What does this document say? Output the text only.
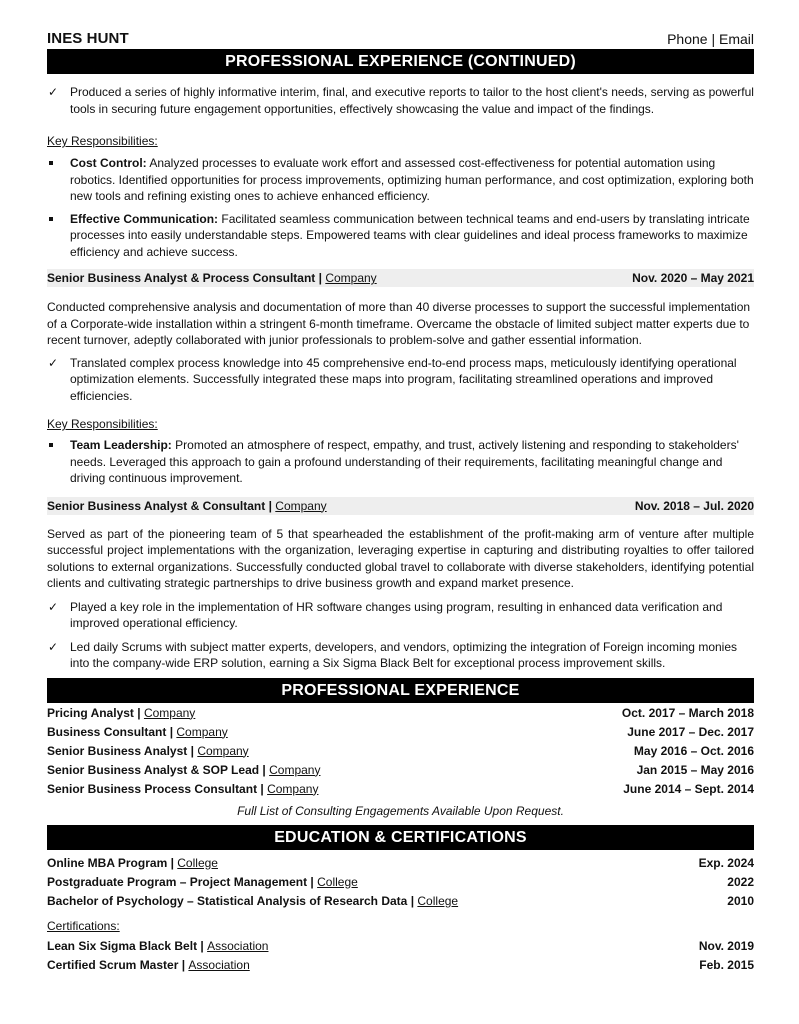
INES HUNT	Phone | Email
PROFESSIONAL EXPERIENCE (CONTINUED)
✓ Produced a series of highly informative interim, final, and executive reports to tailor to the host client's needs, serving as powerful tools in securing future engagement opportunities, effectively showcasing the value and impact of the findings.
Key Responsibilities:
Cost Control: Analyzed processes to evaluate work effort and assessed cost-effectiveness for potential automation using robotics. Identified opportunities for process improvements, optimizing human performance, and cost optimization, exploring both new tools and refining existing ones to achieve enhanced efficiency.
Effective Communication: Facilitated seamless communication between technical teams and end-users by translating intricate processes into easily understandable steps. Empowered teams with clear guidelines and ideal process frameworks to maximize efficiency and achieve success.
Senior Business Analyst & Process Consultant | Company	Nov. 2020 – May 2021
Conducted comprehensive analysis and documentation of more than 40 diverse processes to support the successful implementation of a Corporate-wide installation within a stringent 6-month timeframe. Overcame the obstacle of limited subject matter experts due to recent turnover, adeptly collaborated with junior professionals to problem-solve and gather essential information.
✓ Translated complex process knowledge into 45 comprehensive end-to-end process maps, meticulously identifying operational optimization elements. Successfully integrated these maps into program, facilitating streamlined operations and improved efficiencies.
Key Responsibilities:
Team Leadership: Promoted an atmosphere of respect, empathy, and trust, actively listening and responding to stakeholders' needs. Leveraged this approach to gain a profound understanding of their requirements, facilitating meaningful change and driving continuous improvement.
Senior Business Analyst & Consultant | Company	Nov. 2018 – Jul. 2020
Served as part of the pioneering team of 5 that spearheaded the establishment of the profit-making arm of venture after multiple successful project implementations with the organization, leveraging expertise in capturing and distributing royalties to offer tailored solutions to external organizations. Successfully conducted global travel to collaborate with diverse stakeholders, identifying potential clients and cultivating strategic partnerships to drive business growth and expand market presence.
✓ Played a key role in the implementation of HR software changes using program, resulting in enhanced data verification and improved operational efficiency.
✓ Led daily Scrums with subject matter experts, developers, and vendors, optimizing the integration of Foreign incoming monies into the company-wide ERP solution, earning a Six Sigma Black Belt for exceptional process improvement skills.
PROFESSIONAL EXPERIENCE
Pricing Analyst | Company	Oct. 2017 – March 2018
Business Consultant | Company	June 2017 – Dec. 2017
Senior Business Analyst | Company	May 2016 – Oct. 2016
Senior Business Analyst & SOP Lead | Company	Jan 2015 – May 2016
Senior Business Process Consultant | Company	June 2014 – Sept. 2014
Full List of Consulting Engagements Available Upon Request.
EDUCATION & CERTIFICATIONS
Online MBA Program | College	Exp. 2024
Postgraduate Program – Project Management | College	2022
Bachelor of Psychology – Statistical Analysis of Research Data | College	2010
Certifications:
Lean Six Sigma Black Belt | Association	Nov. 2019
Certified Scrum Master | Association	Feb. 2015
